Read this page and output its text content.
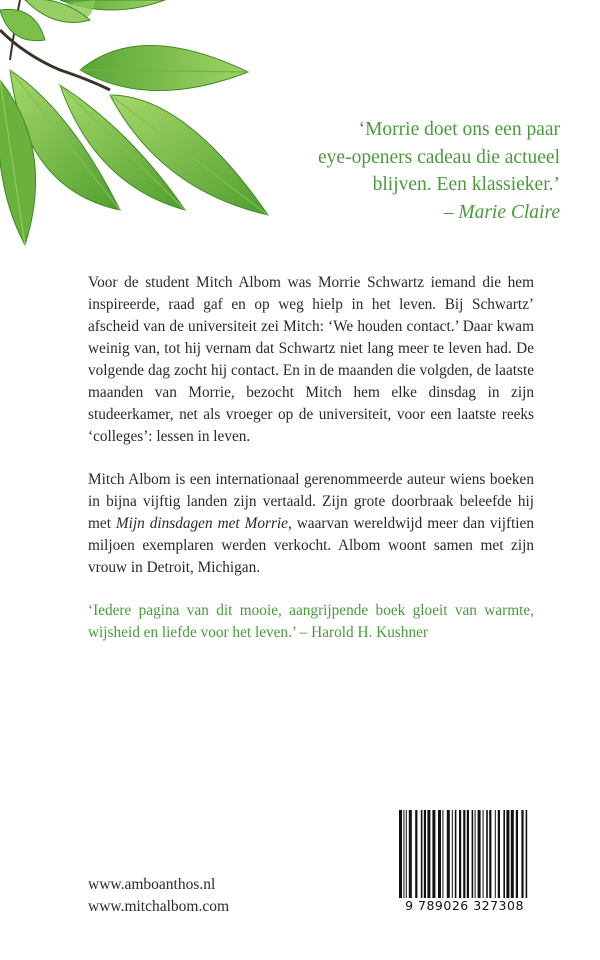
‘Morrie doet ons een paar
eye-openers cadeau die actueel
blijven. Een klassieker.’
– Marie Claire

Voor de student Mitch Albom was Morrie Schwartz iemand die hem inspireerde, raad gaf en op weg hielp in het leven. Bij Schwartz’ afscheid van de universiteit zei Mitch: ‘We houden contact.’ Daar kwam weinig van, tot hij vernam dat Schwartz niet lang meer te leven had. De volgende dag zocht hij contact. En in de maanden die volgden, de laatste maanden van Morrie, bezocht Mitch hem elke dinsdag in zijn studeerkamer, net als vroeger op de universiteit, voor een laatste reeks ‘colleges’: lessen in leven.

Mitch Albom is een internationaal gerenommeerde auteur wiens boeken in bijna vijftig landen zijn vertaald. Zijn grote doorbraak beleefde hij met Mijn dinsdagen met Morrie, waarvan wereldwijd meer dan vijftien miljoen exemplaren werden verkocht. Albom woont samen met zijn vrouw in Detroit, Michigan.

‘Iedere pagina van dit mooie, aangrijpende boek gloeit van warmte, wijsheid en liefde voor het leven.’ – Harold H. Kushner

www.amboanthos.nl
www.mitchalbom.com	9 789026 327308
